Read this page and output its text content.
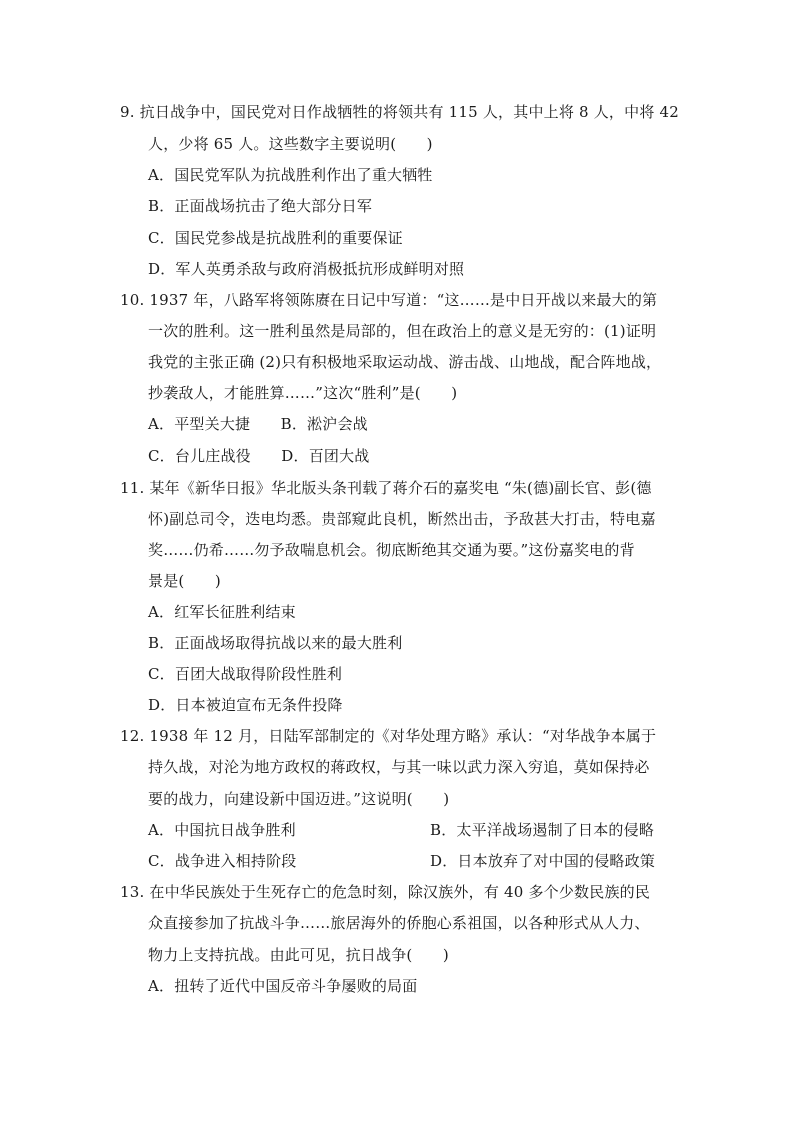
9. 抗日战争中，国民党对日作战牺牲的将领共有 115 人，其中上将 8 人，中将 42
人，少将 65 人。这些数字主要说明(　　)
A．国民党军队为抗战胜利作出了重大牺牲
B．正面战场抗击了绝大部分日军
C．国民党参战是抗战胜利的重要保证
D．军人英勇杀敌与政府消极抵抗形成鲜明对照
10. 1937 年，八路军将领陈赓在日记中写道：“这……是中日开战以来最大的第
一次的胜利。这一胜利虽然是局部的，但在政治上的意义是无穷的：(1)证明
我党的主张正确 (2)只有积极地采取运动战、游击战、山地战，配合阵地战，
抄袭敌人，才能胜算……”这次“胜利”是(　　)
A．平型关大捷　　B．淞沪会战
C．台儿庄战役　　D．百团大战
11. 某年《新华日报》华北版头条刊载了蒋介石的嘉奖电 “朱(德)副长官、彭(德
怀)副总司令，迭电均悉。贵部窥此良机，断然出击，予敌甚大打击，特电嘉
奖……仍希……勿予敌喘息机会。彻底断绝其交通为要。”这份嘉奖电的背
景是(　　)
A．红军长征胜利结束
B．正面战场取得抗战以来的最大胜利
C．百团大战取得阶段性胜利
D．日本被迫宣布无条件投降
12. 1938 年 12 月，日陆军部制定的《对华处理方略》承认：“对华战争本属于
持久战，对沦为地方政权的蒋政权，与其一味以武力深入穷追，莫如保持必
要的战力，向建设新中国迈进。”这说明(　　)
A．中国抗日战争胜利	B．太平洋战场遏制了日本的侵略
C．战争进入相持阶段	D．日本放弃了对中国的侵略政策
13. 在中华民族处于生死存亡的危急时刻，除汉族外，有 40 多个少数民族的民
众直接参加了抗战斗争……旅居海外的侨胞心系祖国，以各种形式从人力、
物力上支持抗战。由此可见，抗日战争(　　)
A．扭转了近代中国反帝斗争屡败的局面
